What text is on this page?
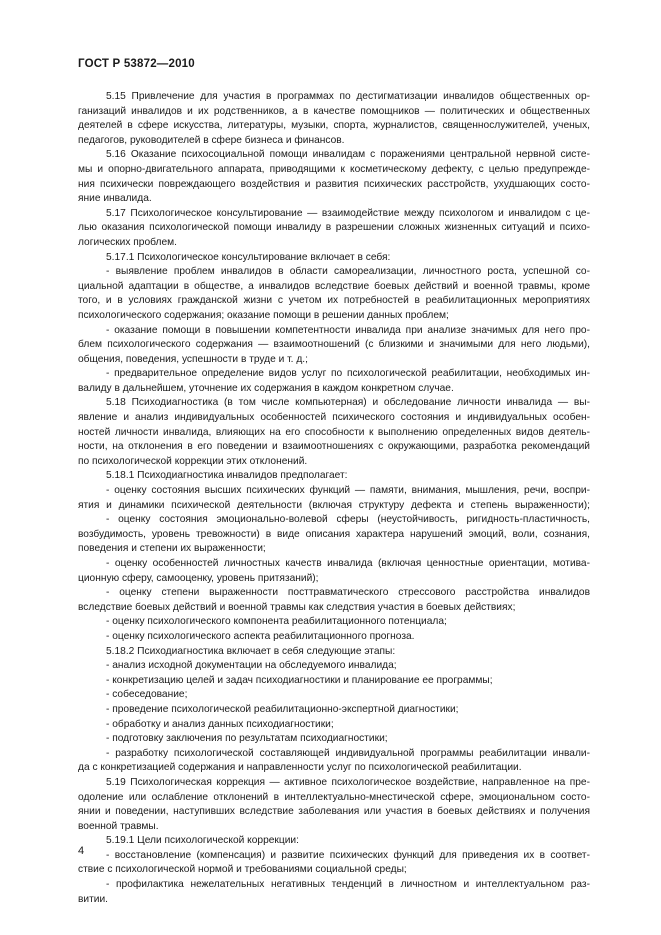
ГОСТ Р 53872—2010
5.15 Привлечение для участия в программах по дестигматизации инвалидов общественных ор-
ганизаций инвалидов и их родственников, а в качестве помощников — политических и общественных
деятелей в сфере искусства, литературы, музыки, спорта, журналистов, священнослужителей, ученых,
педагогов, руководителей в сфере бизнеса и финансов.
5.16 Оказание психосоциальной помощи инвалидам с поражениями центральной нервной систе-
мы и опорно-двигательного аппарата, приводящими к косметическому дефекту, с целью предупрежде-
ния психически повреждающего воздействия и развития психических расстройств, ухудшающих состо-
яние инвалида.
5.17 Психологическое консультирование — взаимодействие между психологом и инвалидом с це-
лью оказания психологической помощи инвалиду в разрешении сложных жизненных ситуаций и психо-
логических проблем.
5.17.1 Психологическое консультирование включает в себя:
- выявление проблем инвалидов в области самореализации, личностного роста, успешной со-
циальной адаптации в обществе, а инвалидов вследствие боевых действий и военной травмы, кроме
того, и в условиях гражданской жизни с учетом их потребностей в реабилитационных мероприятиях
психологического содержания; оказание помощи в решении данных проблем;
- оказание помощи в повышении компетентности инвалида при анализе значимых для него про-
блем психологического содержания — взаимоотношений (с близкими и значимыми для него людьми),
общения, поведения, успешности в труде и т. д.;
- предварительное определение видов услуг по психологической реабилитации, необходимых ин-
валиду в дальнейшем, уточнение их содержания в каждом конкретном случае.
5.18 Психодиагностика (в том числе компьютерная) и обследование личности инвалида — вы-
явление и анализ индивидуальных особенностей психического состояния и индивидуальных особен-
ностей личности инвалида, влияющих на его способности к выполнению определенных видов деятель-
ности, на отклонения в его поведении и взаимоотношениях с окружающими, разработка рекомендаций
по психологической коррекции этих отклонений.
5.18.1 Психодиагностика инвалидов предполагает:
- оценку состояния высших психических функций — памяти, внимания, мышления, речи, воспри-
ятия и динамики психической деятельности (включая структуру дефекта и степень выраженности);
- оценку состояния эмоционально-волевой сферы (неустойчивость, ригидность-пластичность,
возбудимость, уровень тревожности) в виде описания характера нарушений эмоций, воли, сознания,
поведения и степени их выраженности;
- оценку особенностей личностных качеств инвалида (включая ценностные ориентации, мотива-
ционную сферу, самооценку, уровень притязаний);
- оценку степени выраженности посттравматического стрессового расстройства инвалидов
вследствие боевых действий и военной травмы как следствия участия в боевых действиях;
- оценку психологического компонента реабилитационного потенциала;
- оценку психологического аспекта реабилитационного прогноза.
5.18.2 Психодиагностика включает в себя следующие этапы:
- анализ исходной документации на обследуемого инвалида;
- конкретизацию целей и задач психодиагностики и планирование ее программы;
- собеседование;
- проведение психологической реабилитационно-экспертной диагностики;
- обработку и анализ данных психодиагностики;
- подготовку заключения по результатам психодиагностики;
- разработку психологической составляющей индивидуальной программы реабилитации инвали-
да с конкретизацией содержания и направленности услуг по психологической реабилитации.
5.19 Психологическая коррекция — активное психологическое воздействие, направленное на пре-
одоление или ослабление отклонений в интеллектуально-мнестической сфере, эмоциональном состо-
янии и поведении, наступивших вследствие заболевания или участия в боевых действиях и получения
военной травмы.
5.19.1 Цели психологической коррекции:
- восстановление (компенсация) и развитие психических функций для приведения их в соответ-
ствие с психологической нормой и требованиями социальной среды;
- профилактика нежелательных негативных тенденций в личностном и интеллектуальном раз-
витии.
4
